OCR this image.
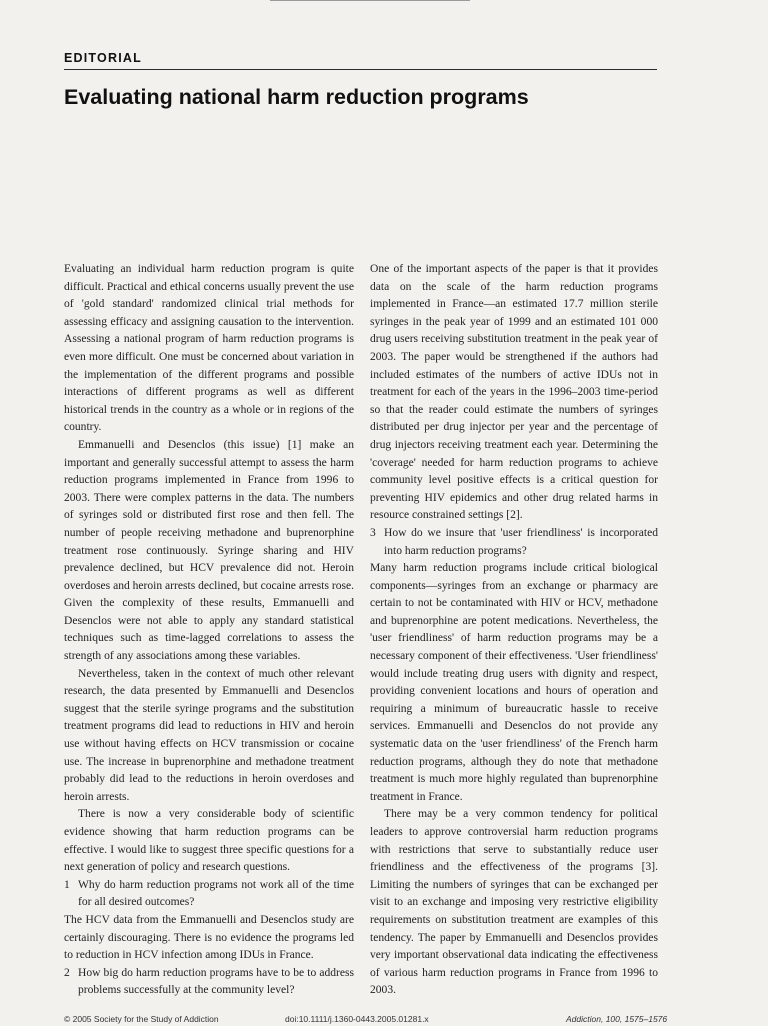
EDITORIAL
Evaluating national harm reduction programs

Evaluating an individual harm reduction program is quite difficult. Practical and ethical concerns usually prevent the use of 'gold standard' randomized clinical trial methods for assessing efficacy and assigning causation to the intervention. Assessing a national program of harm reduction programs is even more difficult. One must be concerned about variation in the implementation of the different programs and possible interactions of different programs as well as different historical trends in the country as a whole or in regions of the country.

Emmanuelli and Desenclos (this issue) [1] make an important and generally successful attempt to assess the harm reduction programs implemented in France from 1996 to 2003. There were complex patterns in the data. The numbers of syringes sold or distributed first rose and then fell. The number of people receiving methadone and buprenorphine treatment rose continuously. Syringe sharing and HIV prevalence declined, but HCV prevalence did not. Heroin overdoses and heroin arrests declined, but cocaine arrests rose. Given the complexity of these results, Emmanuelli and Desenclos were not able to apply any standard statistical techniques such as time-lagged correlations to assess the strength of any associations among these variables.

Nevertheless, taken in the context of much other relevant research, the data presented by Emmanuelli and Desenclos suggest that the sterile syringe programs and the substitution treatment programs did lead to reductions in HIV and heroin use without having effects on HCV transmission or cocaine use. The increase in buprenorphine and methadone treatment probably did lead to the reductions in heroin overdoses and heroin arrests.

There is now a very considerable body of scientific evidence showing that harm reduction programs can be effective. I would like to suggest three specific questions for a next generation of policy and research questions.

1 Why do harm reduction programs not work all of the time for all desired outcomes?

The HCV data from the Emmanuelli and Desenclos study are certainly discouraging. There is no evidence the programs led to reduction in HCV infection among IDUs in France.

2 How big do harm reduction programs have to be to address problems successfully at the community level?

One of the important aspects of the paper is that it provides data on the scale of the harm reduction programs implemented in France—an estimated 17.7 million sterile syringes in the peak year of 1999 and an estimated 101 000 drug users receiving substitution treatment in the peak year of 2003. The paper would be strengthened if the authors had included estimates of the numbers of active IDUs not in treatment for each of the years in the 1996–2003 time-period so that the reader could estimate the numbers of syringes distributed per drug injector per year and the percentage of drug injectors receiving treatment each year. Determining the 'coverage' needed for harm reduction programs to achieve community level positive effects is a critical question for preventing HIV epidemics and other drug related harms in resource constrained settings [2].

3 How do we insure that 'user friendliness' is incorporated into harm reduction programs?

Many harm reduction programs include critical biological components—syringes from an exchange or pharmacy are certain to not be contaminated with HIV or HCV, methadone and buprenorphine are potent medications. Nevertheless, the 'user friendliness' of harm reduction programs may be a necessary component of their effectiveness. 'User friendliness' would include treating drug users with dignity and respect, providing convenient locations and hours of operation and requiring a minimum of bureaucratic hassle to receive services. Emmanuelli and Desenclos do not provide any systematic data on the 'user friendliness' of the French harm reduction programs, although they do note that methadone treatment is much more highly regulated than buprenorphine treatment in France.

There may be a very common tendency for political leaders to approve controversial harm reduction programs with restrictions that serve to substantially reduce user friendliness and the effectiveness of the programs [3]. Limiting the numbers of syringes that can be exchanged per visit to an exchange and imposing very restrictive eligibility requirements on substitution treatment are examples of this tendency. The paper by Emmanuelli and Desenclos provides very important observational data indicating the effectiveness of various harm reduction programs in France from 1996 to 2003.

© 2005 Society for the Study of Addiction	doi:10.1111/j.1360-0443.2005.01281.x	Addiction, 100, 1575–1576
